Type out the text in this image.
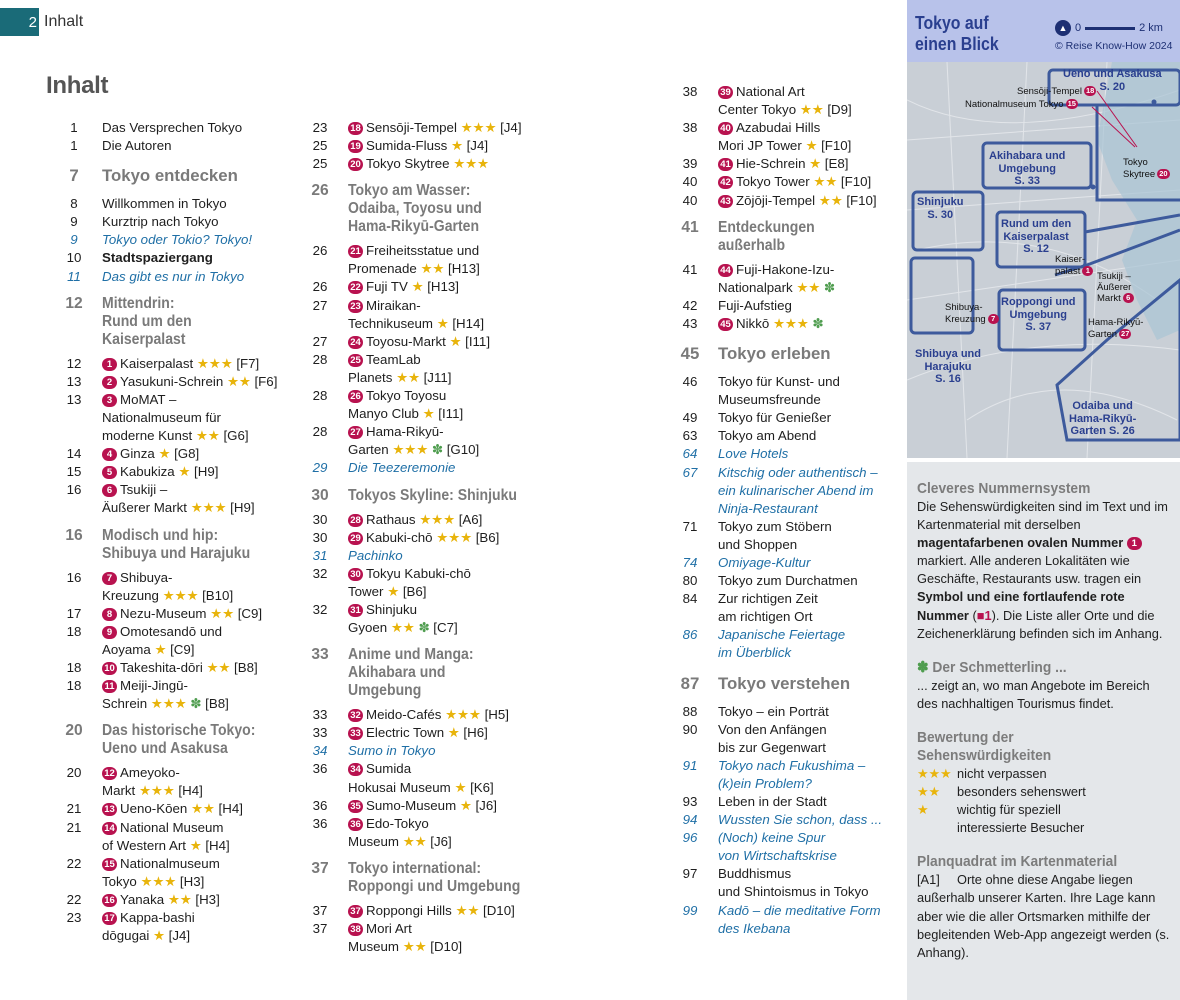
2 Inhalt
Inhalt
1	Das Versprechen Tokyo
1	Die Autoren
7	Tokyo entdecken
8	Willkommen in Tokyo
9	Kurztrip nach Tokyo
9	Tokyo oder Tokio? Tokyo!
10	Stadtspaziergang
11	Das gibt es nur in Tokyo
12	Mittendrin:
Rund um den Kaiserpalast
12	1 Kaiserpalast ★★★ [F7]
13	2 Yasukuni-Schrein ★★ [F6]
13	3 MoMAT –
Nationalmuseum für
moderne Kunst ★★ [G6]
14	4 Ginza ★ [G8]
15	5 Kabukiza ★ [H9]
16	6 Tsukiji –
Äußerer Markt ★★★ [H9]
16	Modisch und hip:
Shibuya und Harajuku
16	7 Shibuya-
Kreuzung ★★★ [B10]
17	8 Nezu-Museum ★★ [C9]
18	9 Omotesandō und
Aoyama ★ [C9]
18	10 Takeshita-dōri ★★ [B8]
18	11 Meiji-Jingū-
Schrein ★★★ ✽ [B8]
20	Das historische Tokyo:
Ueno und Asakusa
20	12 Ameyoko-
Markt ★★★ [H4]
21	13 Ueno-Kōen ★★ [H4]
21	14 National Museum
of Western Art ★ [H4]
22	15 Nationalmuseum
Tokyo ★★★ [H3]
22	16 Yanaka ★★ [H3]
23	17 Kappa-bashi
dōgugai ★ [J4]
23	18 Sensōji-Tempel ★★★ [J4]
25	19 Sumida-Fluss ★ [J4]
25	20 Tokyo Skytree ★★★
26	Tokyo am Wasser:
Odaiba, Toyosu und
Hama-Rikyū-Garten
26	21 Freiheitsstatue und
Promenade ★★ [H13]
26	22 Fuji TV ★ [H13]
27	23 Miraikan-
Technikuseum ★ [H14]
27	24 Toyosu-Markt ★ [I11]
28	25 TeamLab
Planets ★★ [J11]
28	26 Tokyo Toyosu
Manyo Club ★ [I11]
28	27 Hama-Rikyū-
Garten ★★★ ✽ [G10]
29	Die Teezeremonie
30	Tokyos Skyline: Shinjuku
30	28 Rathaus ★★★ [A6]
30	29 Kabuki-chō ★★★ [B6]
31	Pachinko
32	30 Tokyu Kabuki-chō
Tower ★ [B6]
32	31 Shinjuku
Gyoen ★★ ✽ [C7]
33	Anime und Manga:
Akihabara und Umgebung
33	32 Meido-Cafés ★★★ [H5]
33	33 Electric Town ★ [H6]
34	Sumo in Tokyo
36	34 Sumida
Hokusai Museum ★ [K6]
36	35 Sumo-Museum ★ [J6]
36	36 Edo-Tokyo
Museum ★★ [J6]
37	Tokyo international:
Roppongi und Umgebung
37	37 Roppongi Hills ★★ [D10]
37	38 Mori Art
Museum ★★ [D10]
38	39 National Art
Center Tokyo ★★ [D9]
38	40 Azabudai Hills
Mori JP Tower ★ [F10]
39	41 Hie-Schrein ★ [E8]
40	42 Tokyo Tower ★★ [F10]
40	43 Zōjōji-Tempel ★★ [F10]
41	Entdeckungen außerhalb
41	44 Fuji-Hakone-Izu-
Nationalpark ★★ ✽
42	Fuji-Aufstieg
43	45 Nikkō ★★★ ✽
45	Tokyo erleben
46	Tokyo für Kunst- und
Museumsfreunde
49	Tokyo für Genießer
63	Tokyo am Abend
64	Love Hotels
67	Kitschig oder authentisch –
ein kulinarischer Abend im
Ninja-Restaurant
71	Tokyo zum Stöbern
und Shoppen
74	Omiyage-Kultur
80	Tokyo zum Durchatmen
84	Zur richtigen Zeit
am richtigen Ort
86	Japanische Feiertage
im Überblick
87	Tokyo verstehen
88	Tokyo – ein Porträt
90	Von den Anfängen
bis zur Gegenwart
91	Tokyo nach Fukushima –
(k)ein Problem?
93	Leben in der Stadt
94	Wussten Sie schon, dass ...
96	(Noch) keine Spur
von Wirtschaftskrise
97	Buddhismus
und Shintoismus in Tokyo
99	Kadō – die meditative Form
des Ikebana
Tokyo auf
einen Blick
▲ 0	2 km
© Reise Know-How 2024
Ueno und Asakusa
S. 20
Akihabara und
Umgebung
S. 33
Shinjuku
S. 30
Rund um den
Kaiserpalast
S. 12
Roppongi und
Umgebung
S. 37
Shibuya und
Harajuku
S. 16
Odaiba und
Hama-Rikyū-
Garten S. 26
Sensōji-Tempel 18
Nationalmuseum Tokyo 15
Tokyo
Skytree 20
Kaiser-
palast 1
Tsukiji –
Äußerer
Markt 6
Shibuya-
Kreuzung 7	Hama-Rikyū-
Garten 27
Cleveres Nummernsystem
Die Sehenswürdigkeiten sind im Text und im Kartenmaterial mit derselben magentafarbenen ovalen Nummer 1 markiert. Alle anderen Lokalitäten wie Geschäfte, Restaurants usw. tragen ein Symbol und eine fortlaufende rote Nummer (■1). Die Liste aller Orte und die Zeichenerklärung befinden sich im Anhang.
✽ Der Schmetterling ...
... zeigt an, wo man Angebote im Bereich des nachhaltigen Tourismus findet.
Bewertung der
Sehenswürdigkeiten
★★★ nicht verpassen
★★	besonders sehenswert
★	wichtig für speziell
interessierte Besucher
Planquadrat im Kartenmaterial
[A1]	Orte ohne diese Angabe liegen
außerhalb unserer Karten. Ihre Lage kann aber wie die aller Ortsmarken mithilfe der begleitenden Web-App angezeigt werden (s. Anhang).
